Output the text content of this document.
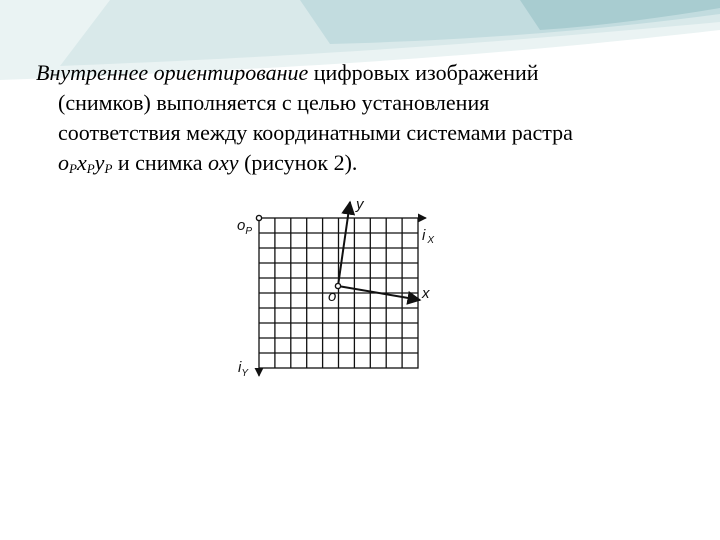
Внутреннее ориентирование цифровых изображений
(снимков) выполняется с целью установления
соответствия между координатными системами растра
$o_Px_Py_P$ и снимка oxy (рисунок 2).

$o_P$
y
i $_X$
o	x
$i_Y$
